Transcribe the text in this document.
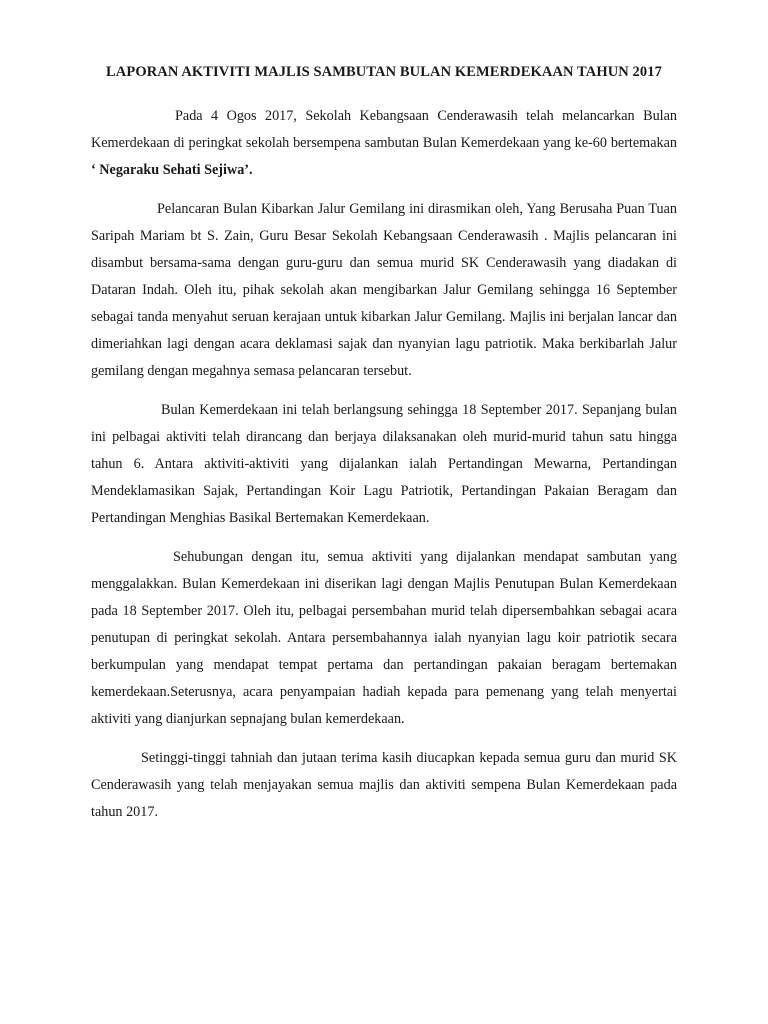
LAPORAN AKTIVITI MAJLIS SAMBUTAN BULAN KEMERDEKAAN TAHUN 2017

Pada 4 Ogos 2017, Sekolah Kebangsaan Cenderawasih telah melancarkan Bulan Kemerdekaan di peringkat sekolah bersempena sambutan Bulan Kemerdekaan yang ke-60 bertemakan ‘ Negaraku Sehati Sejiwa’.

Pelancaran Bulan Kibarkan Jalur Gemilang ini dirasmikan oleh, Yang Berusaha Puan Tuan Saripah Mariam bt S. Zain, Guru Besar Sekolah Kebangsaan Cenderawasih . Majlis pelancaran ini disambut bersama-sama dengan guru-guru dan semua murid SK Cenderawasih yang diadakan di Dataran Indah. Oleh itu, pihak sekolah akan mengibarkan Jalur Gemilang sehingga 16 September sebagai tanda menyahut seruan kerajaan untuk kibarkan Jalur Gemilang. Majlis ini berjalan lancar dan dimeriahkan lagi dengan acara deklamasi sajak dan nyanyian lagu patriotik. Maka berkibarlah Jalur gemilang dengan megahnya semasa pelancaran tersebut.

Bulan Kemerdekaan ini telah berlangsung sehingga 18 September 2017. Sepanjang bulan ini pelbagai aktiviti telah dirancang dan berjaya dilaksanakan oleh murid-murid tahun satu hingga tahun 6. Antara aktiviti-aktiviti yang dijalankan ialah Pertandingan Mewarna, Pertandingan Mendeklamasikan Sajak, Pertandingan Koir Lagu Patriotik, Pertandingan Pakaian Beragam dan Pertandingan Menghias Basikal Bertemakan Kemerdekaan.

Sehubungan dengan itu, semua aktiviti yang dijalankan mendapat sambutan yang menggalakkan. Bulan Kemerdekaan ini diserikan lagi dengan Majlis Penutupan Bulan Kemerdekaan pada 18 September 2017. Oleh itu, pelbagai persembahan murid telah dipersembahkan sebagai acara penutupan di peringkat sekolah. Antara persembahannya ialah nyanyian lagu koir patriotik secara berkumpulan yang mendapat tempat pertama dan pertandingan pakaian beragam bertemakan kemerdekaan.Seterusnya, acara penyampaian hadiah kepada para pemenang yang telah menyertai aktiviti yang dianjurkan sepnajang bulan kemerdekaan.

Setinggi-tinggi tahniah dan jutaan terima kasih diucapkan kepada semua guru dan murid SK Cenderawasih yang telah menjayakan semua majlis dan aktiviti sempena Bulan Kemerdekaan pada tahun 2017.
